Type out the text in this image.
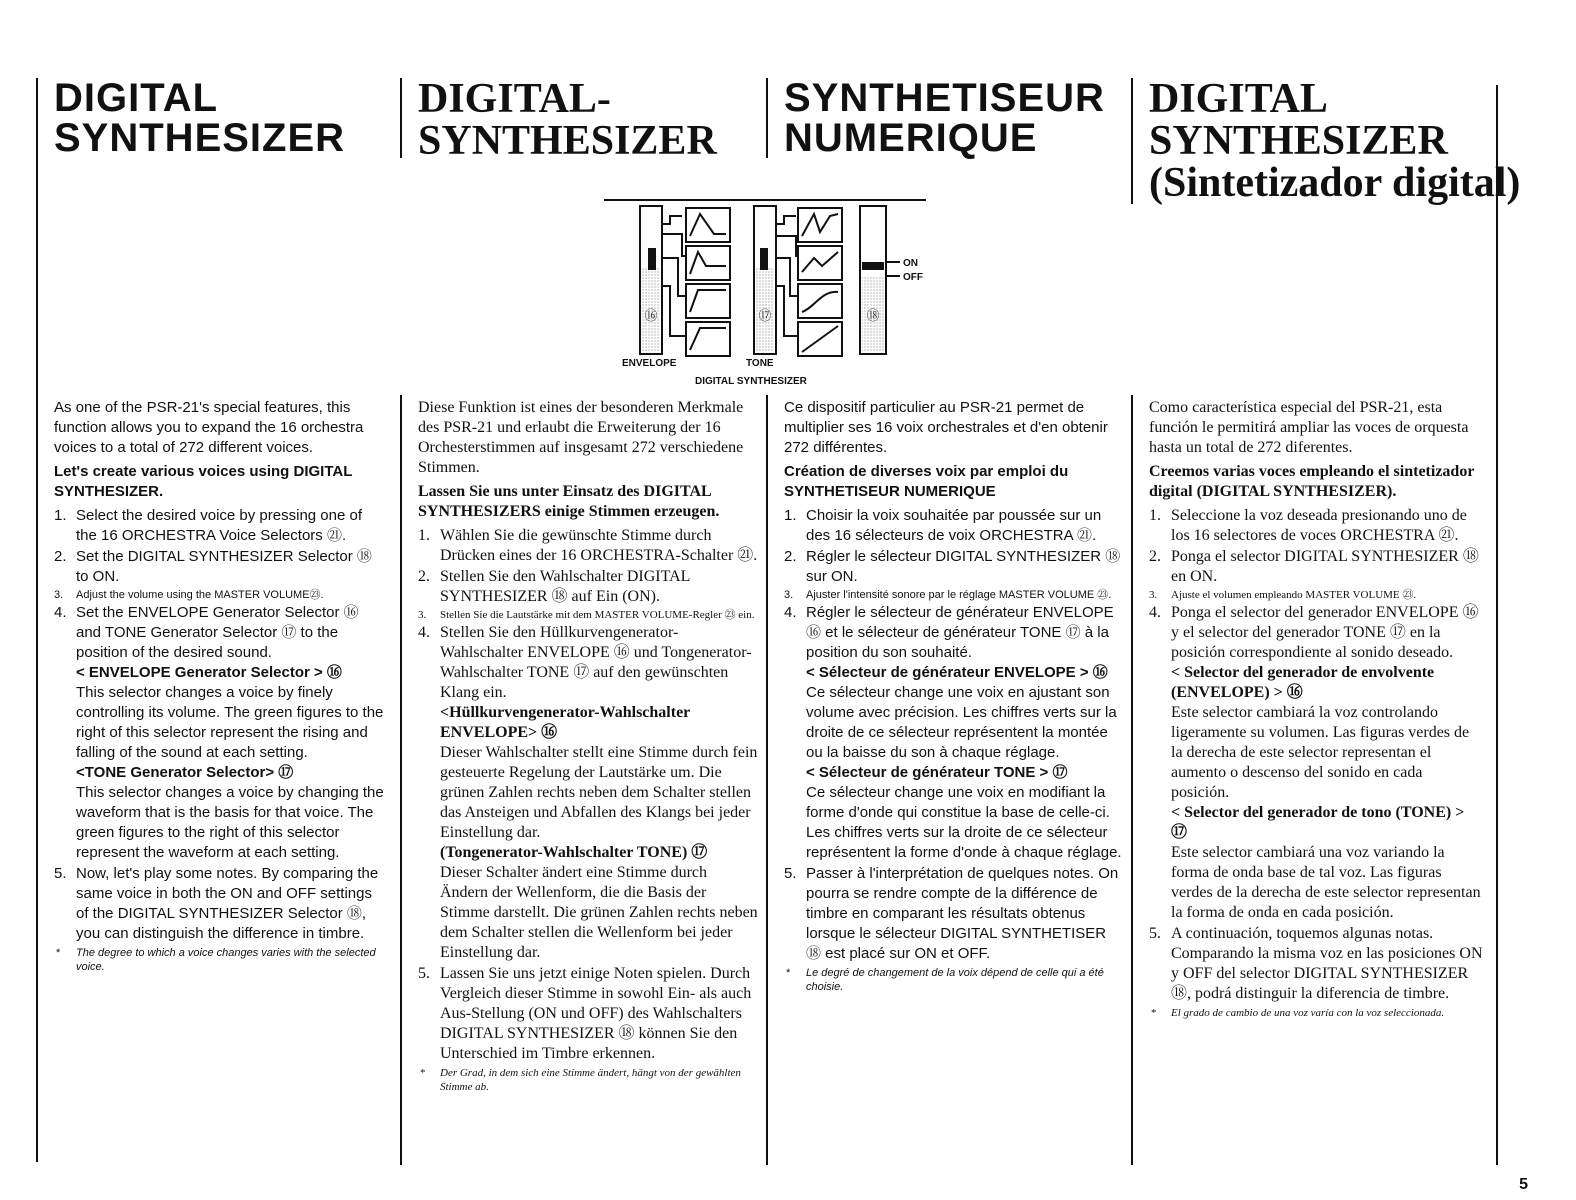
DIGITAL
SYNTHESIZER
DIGITAL-
SYNTHESIZER
SYNTHETISEUR
NUMERIQUE
DIGITAL
SYNTHESIZER
(Sintetizador digital)
⑯	⑰	⑱
ON
OFF
ENVELOPE	TONE
DIGITAL SYNTHESIZER

As one of the PSR-21's special features, this function allows you to expand the 16 orchestra voices to a total of 272 different voices.

Let's create various voices using DIGITAL SYNTHESIZER.

1. Select the desired voice by pressing one of the 16 ORCHESTRA Voice Selectors ㉑.
2. Set the DIGITAL SYNTHESIZER Selector ⑱ to ON.
3. Adjust the volume using the MASTER VOLUME㉓.
4. Set the ENVELOPE Generator Selector ⑯ and TONE Generator Selector ⑰ to the position of the desired sound.
< ENVELOPE Generator Selector > ⑯
This selector changes a voice by finely controlling its volume. The green figures to the right of this selector represent the rising and falling of the sound at each setting.
<TONE Generator Selector> ⑰
This selector changes a voice by changing the waveform that is the basis for that voice. The green figures to the right of this selector represent the waveform at each setting.
5. Now, let's play some notes. By comparing the same voice in both the ON and OFF settings of the DIGITAL SYNTHESIZER Selector ⑱, you can distinguish the difference in timbre.
* The degree to which a voice changes varies with the selected voice.

Diese Funktion ist eines der besonderen Merkmale des PSR-21 und erlaubt die Erweiterung der 16 Orchesterstimmen auf insgesamt 272 verschiedene Stimmen.

Lassen Sie uns unter Einsatz des DIGITAL SYNTHESIZERS einige Stimmen erzeugen.

1. Wählen Sie die gewünschte Stimme durch Drücken eines der 16 ORCHESTRA-Schalter ㉑.
2. Stellen Sie den Wahlschalter DIGITAL SYNTHESIZER ⑱ auf Ein (ON).
3. Stellen Sie die Lautstärke mit dem MASTER VOLUME-Regler ㉓ ein.
4. Stellen Sie den Hüllkurvengenerator-Wahlschalter ENVELOPE ⑯ und Tongenerator-Wahlschalter TONE ⑰ auf den gewünschten Klang ein.
<Hüllkurvengenerator-Wahlschalter ENVELOPE> ⑯
Dieser Wahlschalter stellt eine Stimme durch fein gesteuerte Regelung der Lautstärke um. Die grünen Zahlen rechts neben dem Schalter stellen das Ansteigen und Abfallen des Klangs bei jeder Einstellung dar.
(Tongenerator-Wahlschalter TONE) ⑰
Dieser Schalter ändert eine Stimme durch Ändern der Wellenform, die die Basis der Stimme darstellt. Die grünen Zahlen rechts neben dem Schalter stellen die Wellenform bei jeder Einstellung dar.
5. Lassen Sie uns jetzt einige Noten spielen. Durch Vergleich dieser Stimme in sowohl Ein- als auch Aus-Stellung (ON und OFF) des Wahlschalters DIGITAL SYNTHESIZER ⑱ können Sie den Unterschied im Timbre erkennen.
* Der Grad, in dem sich eine Stimme ändert, hängt von der gewählten Stimme ab.

Ce dispositif particulier au PSR-21 permet de multiplier ses 16 voix orchestrales et d'en obtenir 272 différentes.

Création de diverses voix par emploi du SYNTHETISEUR NUMERIQUE

1. Choisir la voix souhaitée par poussée sur un des 16 sélecteurs de voix ORCHESTRA ㉑.
2. Régler le sélecteur DIGITAL SYNTHESIZER ⑱ sur ON.
3. Ajuster l'intensité sonore par le réglage MASTER VOLUME ㉓.
4. Régler le sélecteur de générateur ENVELOPE ⑯ et le sélecteur de générateur TONE ⑰ à la position du son souhaité.
< Sélecteur de générateur ENVELOPE > ⑯
Ce sélecteur change une voix en ajustant son volume avec précision. Les chiffres verts sur la droite de ce sélecteur représentent la montée ou la baisse du son à chaque réglage.
< Sélecteur de générateur TONE > ⑰
Ce sélecteur change une voix en modifiant la forme d'onde qui constitue la base de celle-ci. Les chiffres verts sur la droite de ce sélecteur représentent la forme d'onde à chaque réglage.
5. Passer à l'interprétation de quelques notes. On pourra se rendre compte de la différence de timbre en comparant les résultats obtenus lorsque le sélecteur DIGITAL SYNTHETISER ⑱ est placé sur ON et OFF.
* Le degré de changement de la voix dépend de celle qui a été choisie.

Como característica especial del PSR-21, esta función le permitirá ampliar las voces de orquesta hasta un total de 272 diferentes.

Creemos varias voces empleando el sintetizador digital (DIGITAL SYNTHESIZER).

1. Seleccione la voz deseada presionando uno de los 16 selectores de voces ORCHESTRA ㉑.
2. Ponga el selector DIGITAL SYNTHESIZER ⑱ en ON.
3. Ajuste el volumen empleando MASTER VOLUME ㉓.
4. Ponga el selector del generador ENVELOPE ⑯ y el selector del generador TONE ⑰ en la posición correspondiente al sonido deseado.
< Selector del generador de envolvente (ENVELOPE) > ⑯
Este selector cambiará la voz controlando ligeramente su volumen. Las figuras verdes de la derecha de este selector representan el aumento o descenso del sonido en cada posición.
< Selector del generador de tono (TONE) > ⑰
Este selector cambiará una voz variando la forma de onda base de tal voz. Las figuras verdes de la derecha de este selector representan la forma de onda en cada posición.
5. A continuación, toquemos algunas notas. Comparando la misma voz en las posiciones ON y OFF del selector DIGITAL SYNTHESIZER ⑱, podrá distinguir la diferencia de timbre.
* El grado de cambio de una voz varía con la voz seleccionada.
5
